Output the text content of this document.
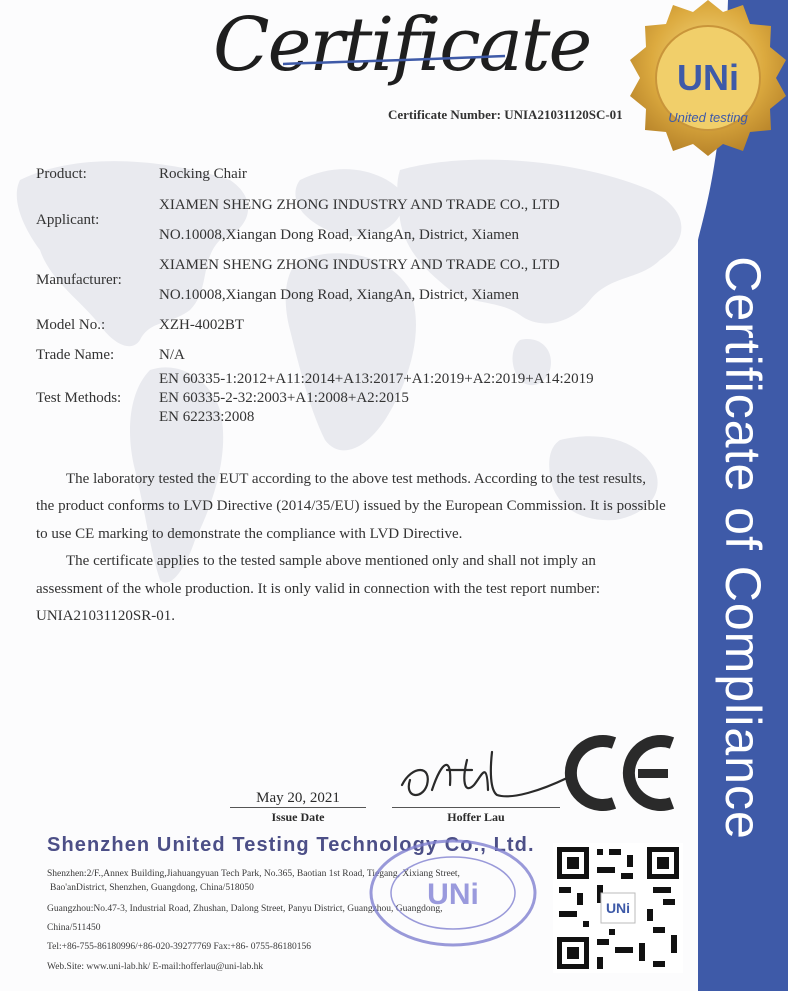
Certificate of Compliance
UNi
United testing
Certificate
Certificate Number: UNIA21031120SC-01
Product:	Rocking Chair
Applicant:
XIAMEN SHENG ZHONG INDUSTRY AND TRADE CO., LTD
NO.10008,Xiangan Dong Road, XiangAn, District, Xiamen
Manufacturer:
XIAMEN SHENG ZHONG INDUSTRY AND TRADE CO., LTD
NO.10008,Xiangan Dong Road, XiangAn, District, Xiamen
Model No.:	XZH-4002BT
Trade Name:	N/A
Test Methods:
EN 60335-1:2012+A11:2014+A13:2017+A1:2019+A2:2019+A14:2019
EN 60335-2-32:2003+A1:2008+A2:2015
EN 62233:2008

The laboratory tested the EUT according to the above test methods. According to the test results,

the product conforms to LVD Directive (2014/35/EU) issued by the European Commission. It is possible

to use CE marking to demonstrate the compliance with LVD Directive.

The certificate applies to the tested sample above mentioned only and shall not imply an

assessment of the whole production. It is only valid in connection with the test report number:

UNIA21031120SR-01.

May 20, 2021
Issue Date	Hoffer Lau
Shenzhen United Testing Technology Co., Ltd.
Shenzhen:2/F.,Annex Building,Jiahuangyuan Tech Park, No.365, Baotian 1st Road, Tiegang, Xixiang Street,
Bao'anDistrict, Shenzhen, Guangdong, China/518050
Guangzhou:No.47-3, Industrial Road, Zhushan, Dalong Street, Panyu District, Guangzhou, Guangdong,
China/511450
Tel:+86-755-86180996/+86-020-39277769 Fax:+86- 0755-86180156
Web.Site: www.uni-lab.hk/ E-mail:hofferlau@uni-lab.hk
UNi	UNi
